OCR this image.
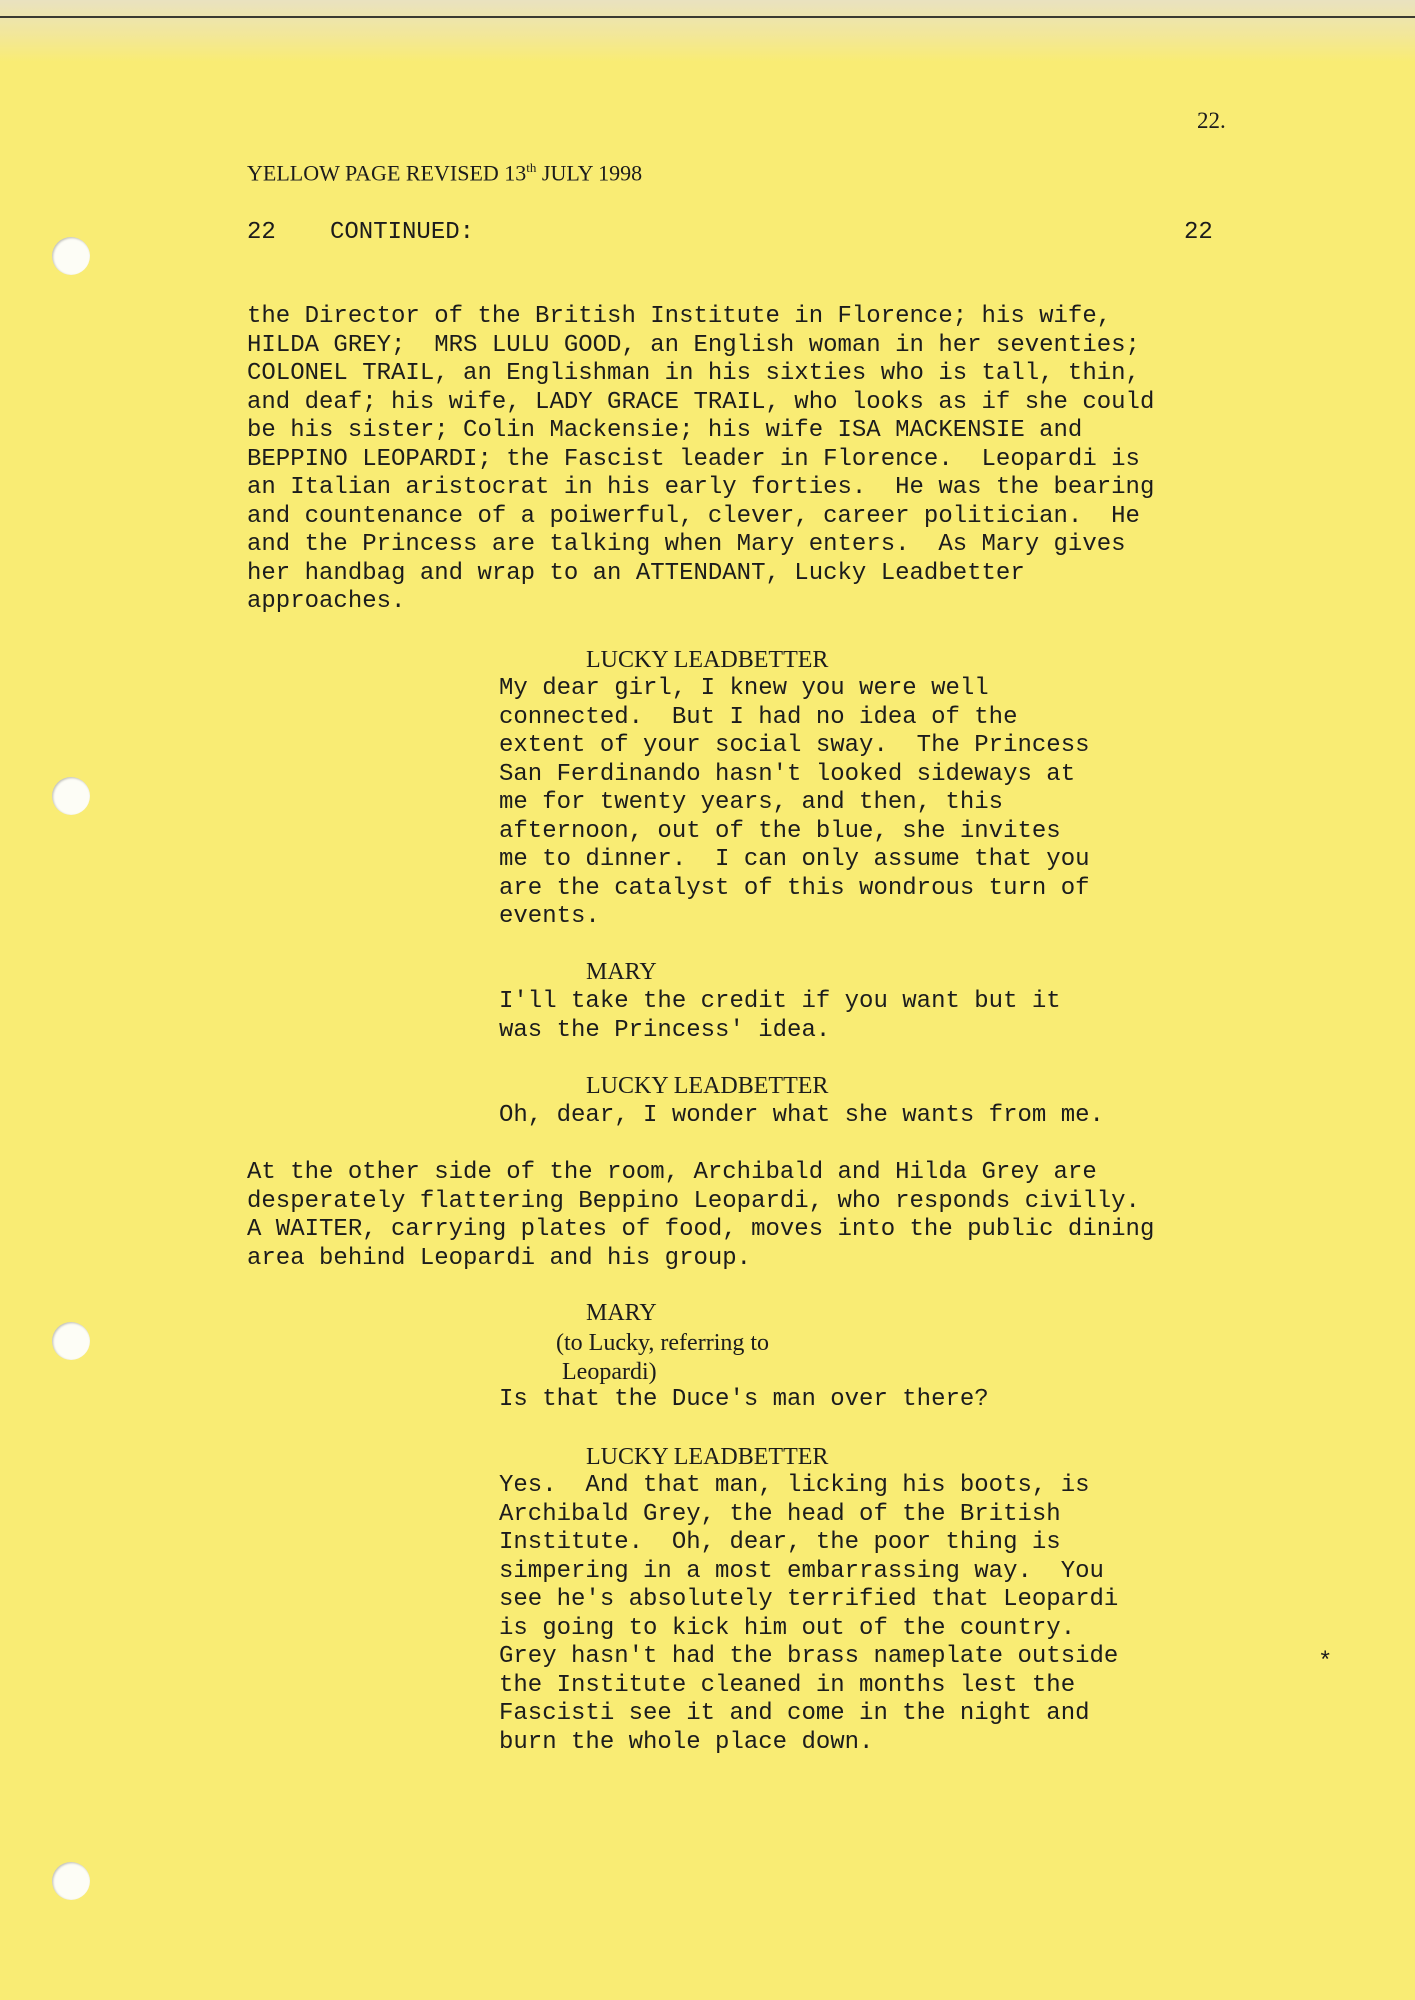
22.
YELLOW PAGE REVISED 13th JULY 1998
22 CONTINUED:	22
the Director of the British Institute in Florence; his wife,
HILDA GREY;  MRS LULU GOOD, an English woman in her seventies;
COLONEL TRAIL, an Englishman in his sixties who is tall, thin,
and deaf; his wife, LADY GRACE TRAIL, who looks as if she could
be his sister; Colin Mackensie; his wife ISA MACKENSIE and
BEPPINO LEOPARDI; the Fascist leader in Florence.  Leopardi is
an Italian aristocrat in his early forties.  He was the bearing
and countenance of a poiwerful, clever, career politician.  He
and the Princess are talking when Mary enters.  As Mary gives
her handbag and wrap to an ATTENDANT, Lucky Leadbetter
approaches.
LUCKY LEADBETTER
My dear girl, I knew you were well
connected.  But I had no idea of the
extent of your social sway.  The Princess
San Ferdinando hasn't looked sideways at
me for twenty years, and then, this
afternoon, out of the blue, she invites
me to dinner.  I can only assume that you
are the catalyst of this wondrous turn of
events.
MARY
I'll take the credit if you want but it
was the Princess' idea.
LUCKY LEADBETTER
Oh, dear, I wonder what she wants from me.
At the other side of the room, Archibald and Hilda Grey are
desperately flattering Beppino Leopardi, who responds civilly.
A WAITER, carrying plates of food, moves into the public dining
area behind Leopardi and his group.
MARY
(to Lucky, referring to
Leopardi)
Is that the Duce's man over there?
LUCKY LEADBETTER
Yes.  And that man, licking his boots, is
Archibald Grey, the head of the British
Institute.  Oh, dear, the poor thing is
simpering in a most embarrassing way.  You
see he's absolutely terrified that Leopardi
is going to kick him out of the country.
Grey hasn't had the brass nameplate outside
the Institute cleaned in months lest the
Fascisti see it and come in the night and
burn the whole place down.
*
